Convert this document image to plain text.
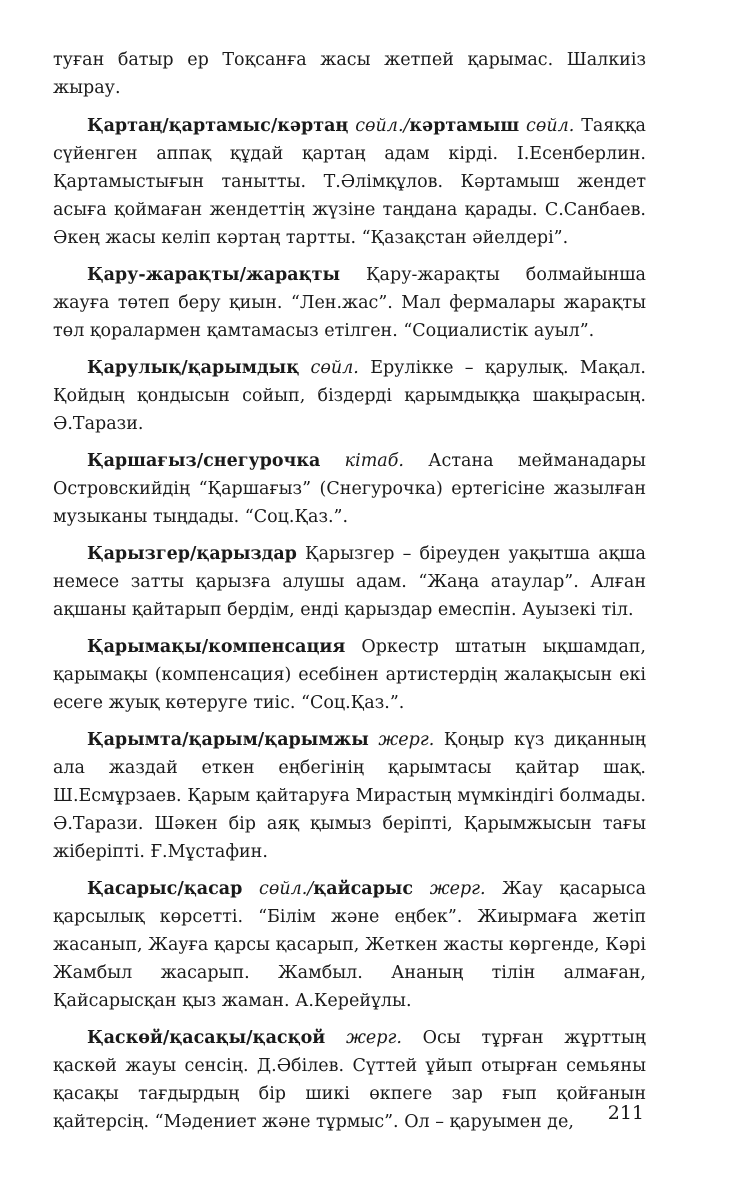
туған батыр ер Тоқсанға жасы жетпей қарымас. Шалкиіз жырау.

Қартаң/қартамыс/кәртаң сөйл./кәртамыш сөйл. Таяққа сүйенген аппақ құдай қартаң адам кірді. І.Есенберлин. Қартамыстығын танытты. Т.Әлімқұлов. Кәртамыш жендет асығa қоймаған жендеттің жүзіне таңдана қарады. С.Санбаев. Әкең жасы келіп кәртаң тартты. “Қазақстан әйелдері”.

Қару-жарақты/жарақты Қару-жарақты болмайынша жауға төтеп беру қиын. “Лен.жас”. Мал фермалары жарақты төл қоралармен қамтамасыз етілген. “Социалистік ауыл”.

Қарулық/қарымдық сөйл. Ерулікке – қарулық. Мақал. Қойдың қондысын сойып, біздерді қарымдыққа шақырасың. Ә.Тарази.

Қаршағыз/снегурочка кітаб. Астана мейманадары Островскийдің “Қаршағыз” (Снегурочка) ертегісіне жазылған музыканы тыңдады. “Соц.Қаз.”.

Қарызгер/қарыздар Қарызгер – біреуден уақытша ақша немесе затты қарызға алушы адам. “Жаңа атаулар”. Алған ақшаны қайтарып бердім, енді қарыздар емеспін. Ауызекі тіл.

Қарымақы/компенсация Оркестр штатын ықшамдап, қарымақы (компенсация) есебінен артистердің жалақысын екі есеге жуық көтеруге тиіс. “Соц.Қаз.”.

Қарымта/қарым/қарымжы жерг. Қоңыр күз диқанның ала жаздай еткен еңбегінің қарымтасы қайтар шақ. Ш.Есмұрзаев. Қарым қайтаруға Мирастың мүмкіндігі болмады. Ә.Тарази. Шәкен бір аяқ қымыз беріпті, Қарымжысын тағы жіберіпті. Ғ.Мұстафин.

Қасарыс/қасар сөйл./қайсарыс жерг. Жау қасарыса қарсылық көрсетті. “Білім және еңбек”. Жиырмаға жетіп жасанып, Жауға қарсы қасарып, Жеткен жасты көргенде, Кәрі Жамбыл жасарып. Жамбыл. Ананың тілін алмаған, Қайсарысқан қыз жаман. А.Керейұлы.

Қаскөй/қасақы/қасқой жерг. Осы тұрған жұрттың қаскөй жауы сенсің. Д.Әбілев. Сүттей ұйып отырған семьяны қасақы тағдырдың бір шикі өкпеге зар ғып қойғанын қайтерсің. “Мәдениет және тұрмыс”. Ол – қаруымен де,	211
